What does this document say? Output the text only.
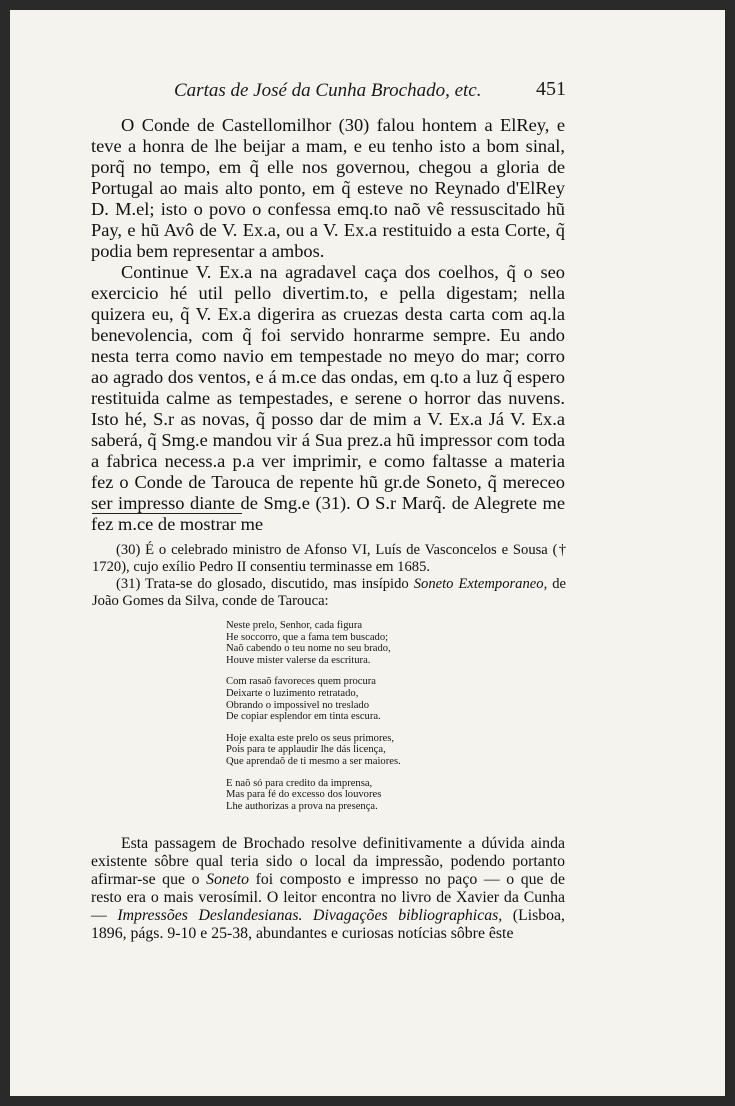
Cartas de José da Cunha Brochado, etc.	451

O Conde de Castellomilhor (30) falou hontem a ElRey, e teve a honra de lhe beijar a mam, e eu tenho isto a bom sinal, porq̃ no tempo, em q̃ elle nos governou, chegou a gloria de Portugal ao mais alto ponto, em q̃ esteve no Reynado d'ElRey D. M.el; isto o povo o confessa emq.to naõ vê ressuscitado hũ Pay, e hũ Avô de V. Ex.a, ou a V. Ex.a restituido a esta Corte, q̃ podia bem representar a ambos.

Continue V. Ex.a na agradavel caça dos coelhos, q̃ o seo exercicio hé util pello divertim.to, e pella digestam; nella quizera eu, q̃ V. Ex.a digerira as cruezas desta carta com aq.la benevolencia, com q̃ foi servido honrarme sempre. Eu ando nesta terra como navio em tempestade no meyo do mar; corro ao agrado dos ventos, e á m.ce das ondas, em q.to a luz q̃ espero restituida calme as tempestades, e serene o horror das nuvens. Isto hé, S.r as novas, q̃ posso dar de mim a V. Ex.a Já V. Ex.a saberá, q̃ Smg.e mandou vir á Sua prez.a hũ impressor com toda a fabrica necess.a p.a ver imprimir, e como faltasse a materia fez o Conde de Tarouca de repente hũ gr.de Soneto, q̃ mereceo ser impresso diante de Smg.e (31). O S.r Marq̃. de Alegrete me fez m.ce de mostrar me

(30) É o celebrado ministro de Afonso VI, Luís de Vasconcelos e Sousa († 1720), cujo exílio Pedro II consentiu terminasse em 1685.

(31) Trata-se do glosado, discutido, mas insípido Soneto Extemporaneo, de João Gomes da Silva, conde de Tarouca:

Neste prelo, Senhor, cada figura
He soccorro, que a fama tem buscado;
Naõ cabendo o teu nome no seu brado,
Houve mister valerse da escritura.
Com rasaõ favoreces quem procura
Deixarte o luzimento retratado,
Obrando o impossivel no treslado
De copiar esplendor em tinta escura.
Hoje exalta este prelo os seus primores,
Pois para te applaudir lhe dás licença,
Que aprendaõ de ti mesmo a ser maiores.
E naõ só para credito da imprensa,
Mas para fé do excesso dos louvores
Lhe authorizas a prova na presença.

Esta passagem de Brochado resolve definitivamente a dúvida ainda existente sôbre qual teria sido o local da impressão, podendo portanto afirmar-se que o Soneto foi composto e impresso no paço — o que de resto era o mais verosímil. O leitor encontra no livro de Xavier da Cunha — Impressões Deslandesianas. Divagações bibliographicas, (Lisboa, 1896, págs. 9-10 e 25-38, abundantes e curiosas notícias sôbre êste
